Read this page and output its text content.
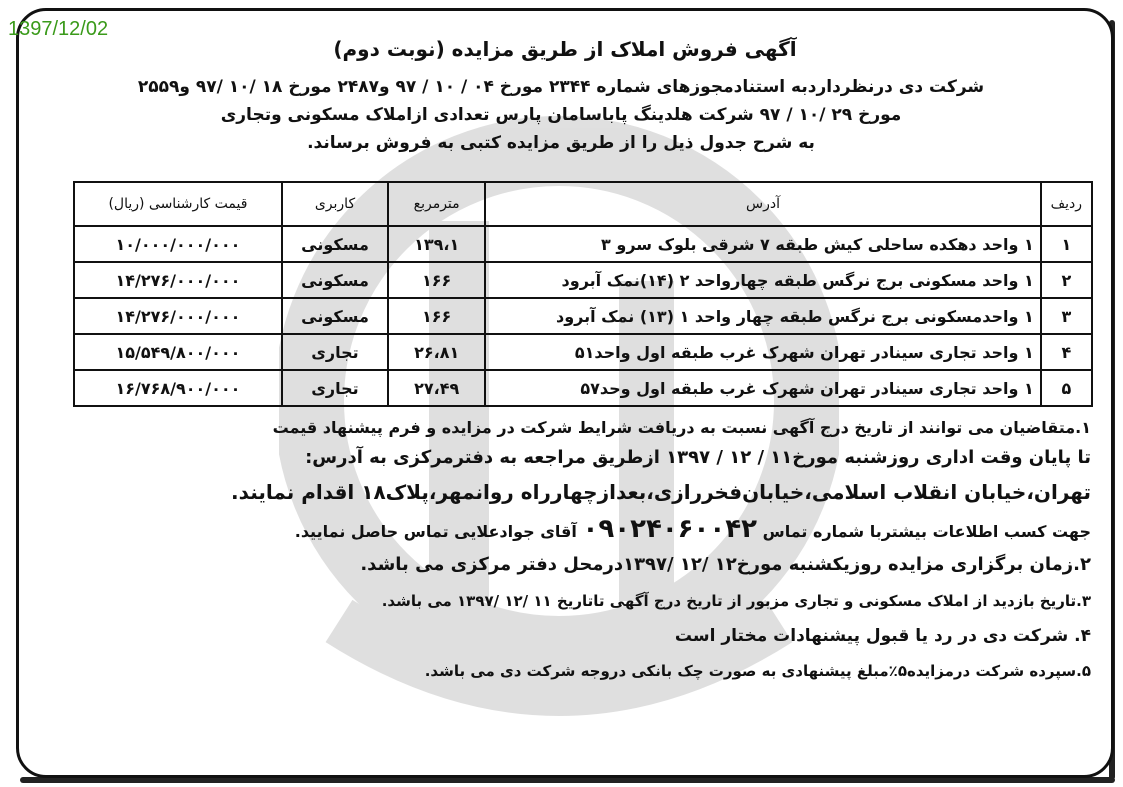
1397/12/02
آگهی فروش املاک از طریق مزایده (نوبت دوم)

شرکت دی درنظرداردبه استنادمجوزهای شماره ۲۳۴۴ مورخ ۰۴ / ۱۰ / ۹۷ و۲۴۸۷ مورخ ۱۸ /۱۰ /۹۷ و۲۵۵۹

مورخ ۲۹ /۱۰ / ۹۷ شرکت هلدینگ پاباسامان پارس تعدادی ازاملاک مسکونی وتجاری

به شرح جدول ذیل را از طریق مزایده کتبی به فروش برساند.

ردیف	آدرس	مترمربع	کاربری	قیمت کارشناسی (ریال)
۱	۱ واحد دهکده ساحلی کیش طبقه ۷ شرقی بلوک سرو ۳	۱۳۹،۱	مسکونی	۱۰/۰۰۰/۰۰۰/۰۰۰
۲	۱ واحد مسکونی برج نرگس طبقه چهارواحد ۲ (۱۴)نمک آبرود	۱۶۶	مسکونی	۱۴/۲۷۶/۰۰۰/۰۰۰
۳	۱ واحدمسکونی برج نرگس طبقه چهار واحد ۱ (۱۳) نمک آبرود	۱۶۶	مسکونی	۱۴/۲۷۶/۰۰۰/۰۰۰
۴	۱ واحد تجاری سینادر تهران شهرک غرب طبقه اول واحد۵۱	۲۶،۸۱	تجاری	۱۵/۵۴۹/۸۰۰/۰۰۰
۵	۱ واحد تجاری سینادر تهران شهرک غرب طبقه اول وحد۵۷	۲۷،۴۹	تجاری	۱۶/۷۶۸/۹۰۰/۰۰۰

۱.متقاضیان می توانند از تاریخ درج آگهی نسبت به دریافت شرایط شرکت در مزایده و فرم پیشنهاد قیمت

تا پایان وقت اداری روزشنبه مورخ۱۱ / ۱۲ / ۱۳۹۷ ازطریق مراجعه به دفترمرکزی به آدرس:

تهران،خیابان انقلاب اسلامی،خیابان‌فخررازی،بعدازچهارراه روانمهر،پلاک۱۸ اقدام نمایند.

جهت کسب اطلاعات بیشتربا شماره تماس ۰۹۰۲۴۰۶۰۰۴۲ آقای جوادعلایی تماس حاصل نمایید.

۲.زمان برگزاری مزایده روزیکشنبه مورخ۱۲ /۱۲ /۱۳۹۷درمحل دفتر مرکزی می باشد.

۳.تاریخ بازدید از املاک مسکونی و تجاری مزبور از تاریخ درج آگهی تاتاریخ ۱۱ /۱۲ /۱۳۹۷ می باشد.

۴. شرکت دی در رد یا قبول پیشنهادات مختار است

۵.سپرده شرکت درمزایده۵٪مبلغ پیشنهادی به صورت چک بانکی دروجه شرکت دی می باشد.
